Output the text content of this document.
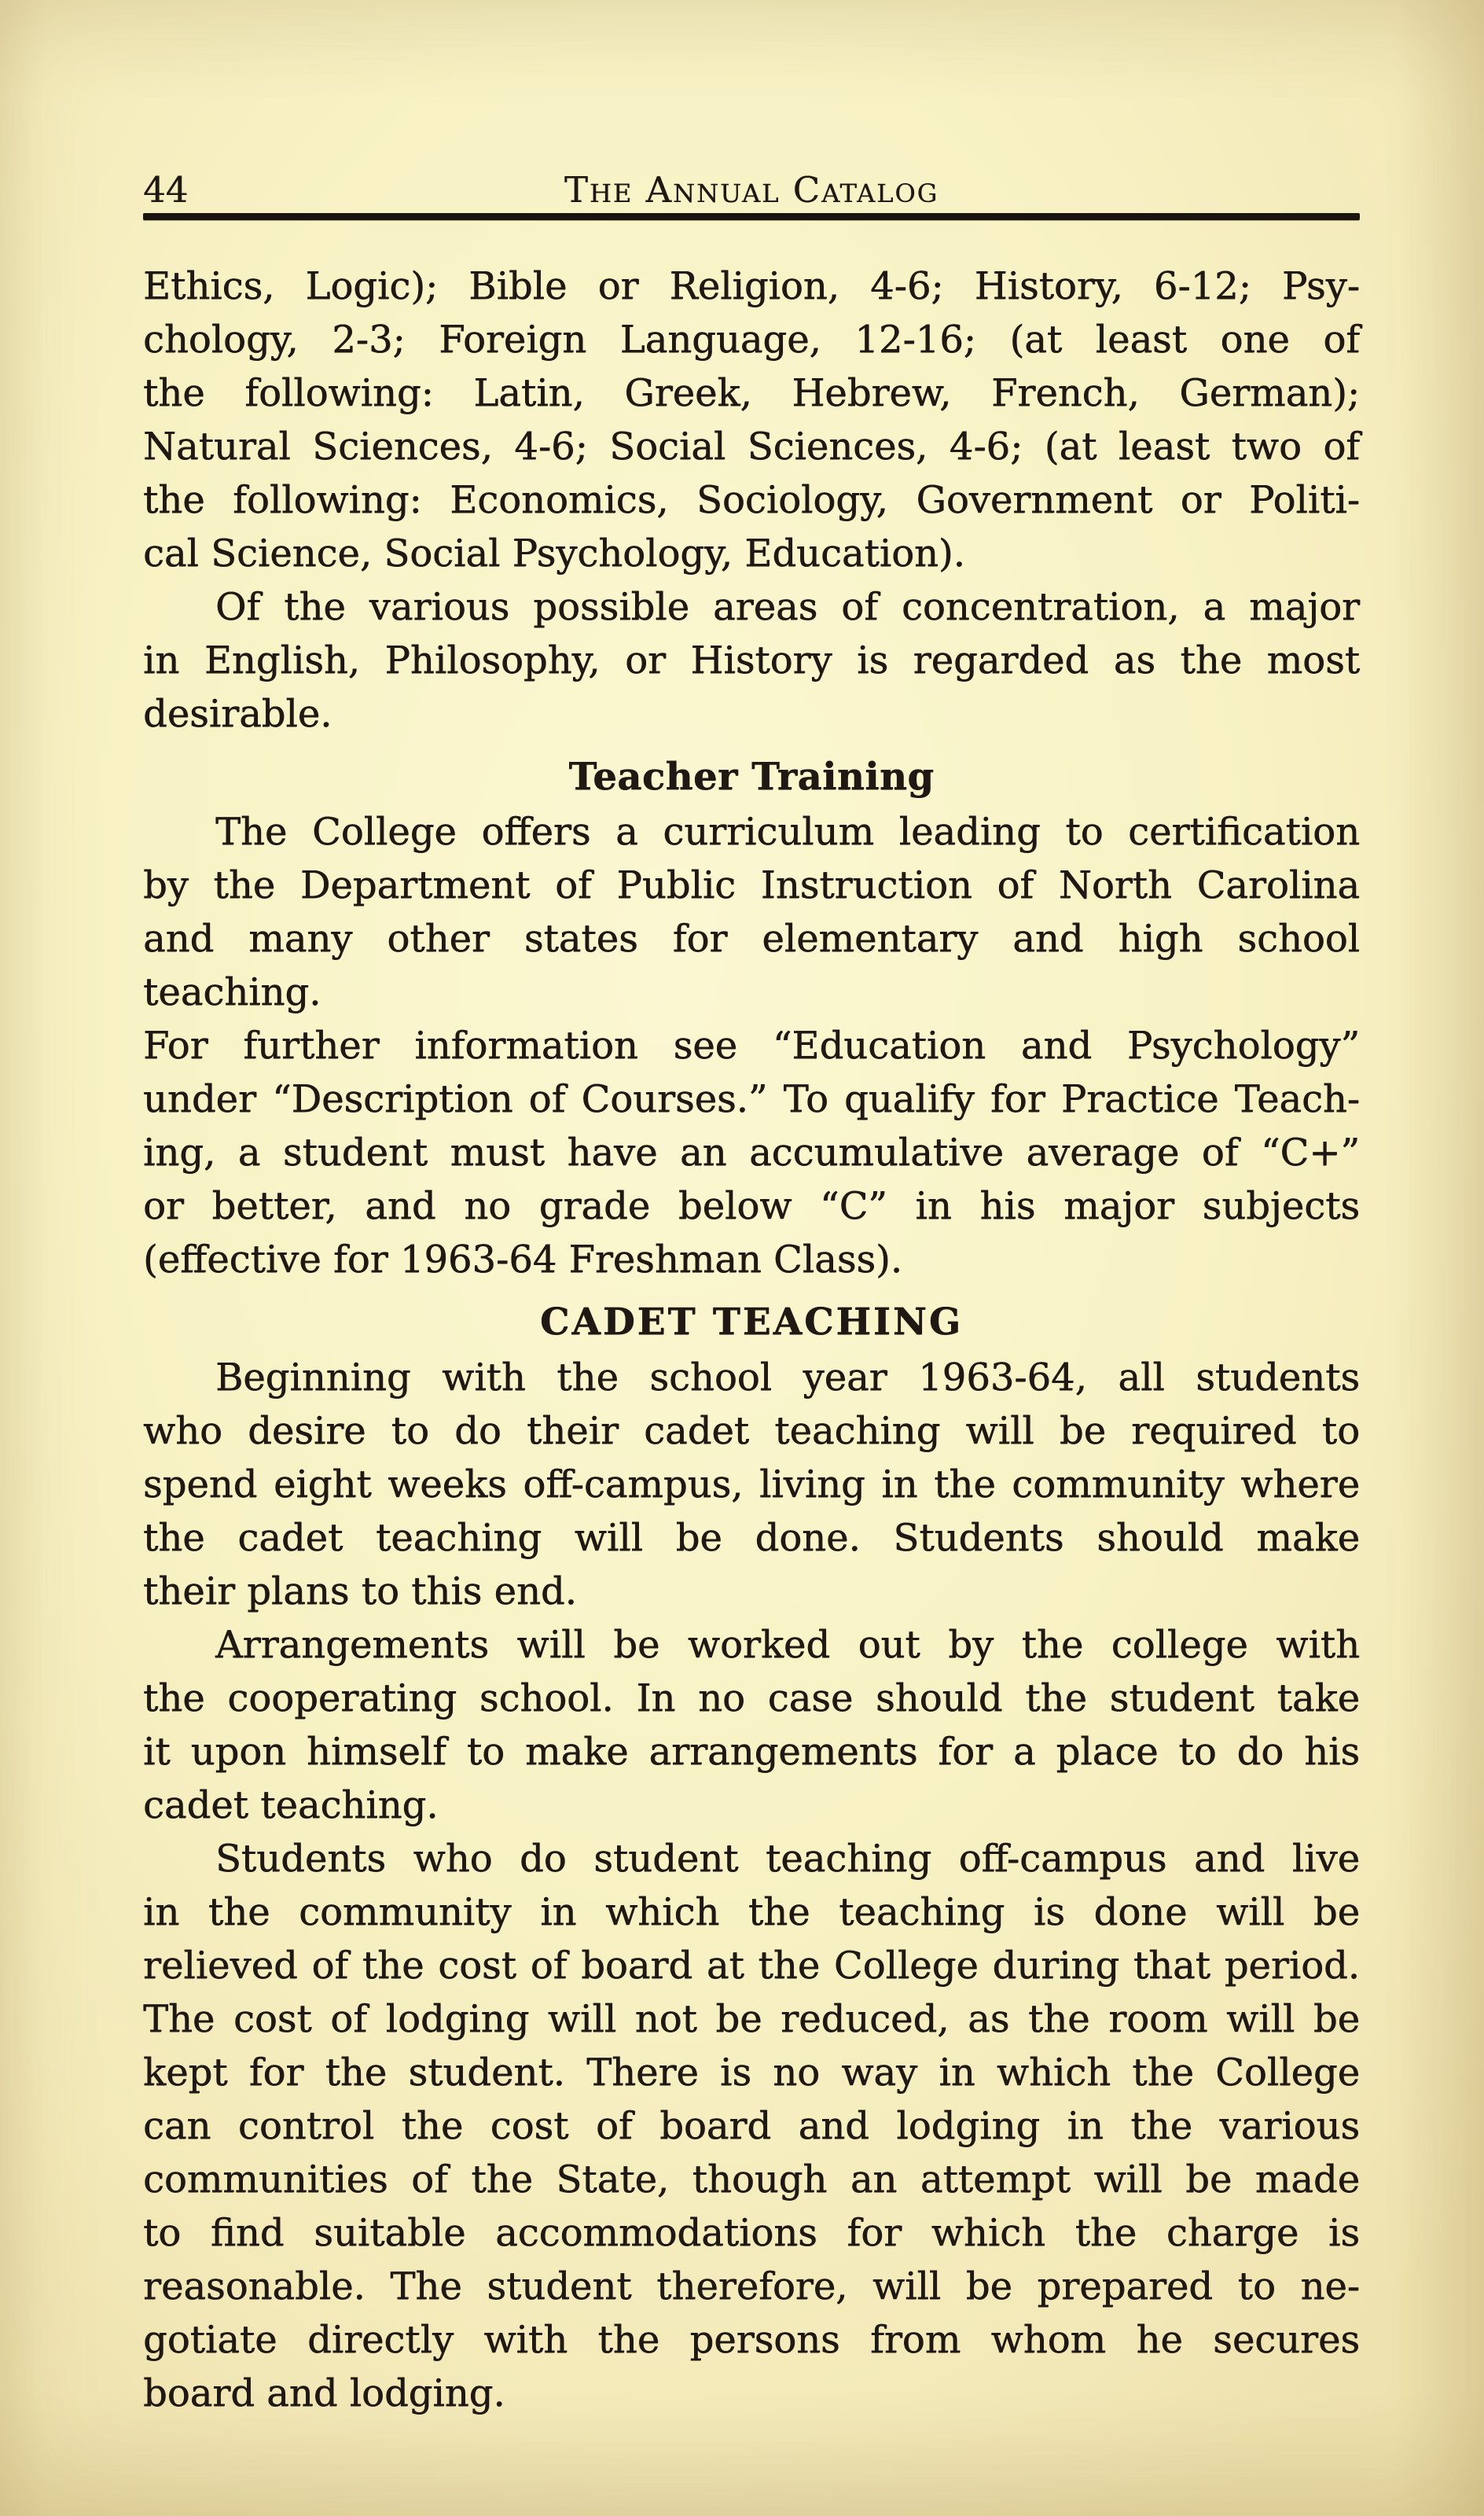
44	The Annual Catalog
Ethics, Logic); Bible or Religion, 4-6; History, 6-12; Psy-
chology, 2-3; Foreign Language, 12-16; (at least one of
the following: Latin, Greek, Hebrew, French, German);
Natural Sciences, 4-6; Social Sciences, 4-6; (at least two of
the following: Economics, Sociology, Government or Politi-
cal Science, Social Psychology, Education).
Of the various possible areas of concentration, a major
in English, Philosophy, or History is regarded as the most
desirable.
Teacher Training
The College offers a curriculum leading to certification
by the Department of Public Instruction of North Carolina
and many other states for elementary and high school teaching.
For further information see “Education and Psychology”
under “Description of Courses.” To qualify for Practice Teach-
ing, a student must have an accumulative average of “C+”
or better, and no grade below “C” in his major subjects
(effective for 1963-64 Freshman Class).
CADET TEACHING
Beginning with the school year 1963-64, all students
who desire to do their cadet teaching will be required to
spend eight weeks off-campus, living in the community where
the cadet teaching will be done. Students should make
their plans to this end.
Arrangements will be worked out by the college with
the cooperating school. In no case should the student take
it upon himself to make arrangements for a place to do his
cadet teaching.
Students who do student teaching off-campus and live
in the community in which the teaching is done will be
relieved of the cost of board at the College during that period.
The cost of lodging will not be reduced, as the room will be
kept for the student. There is no way in which the College
can control the cost of board and lodging in the various
communities of the State, though an attempt will be made
to find suitable accommodations for which the charge is
reasonable. The student therefore, will be prepared to ne-
gotiate directly with the persons from whom he secures
board and lodging.
